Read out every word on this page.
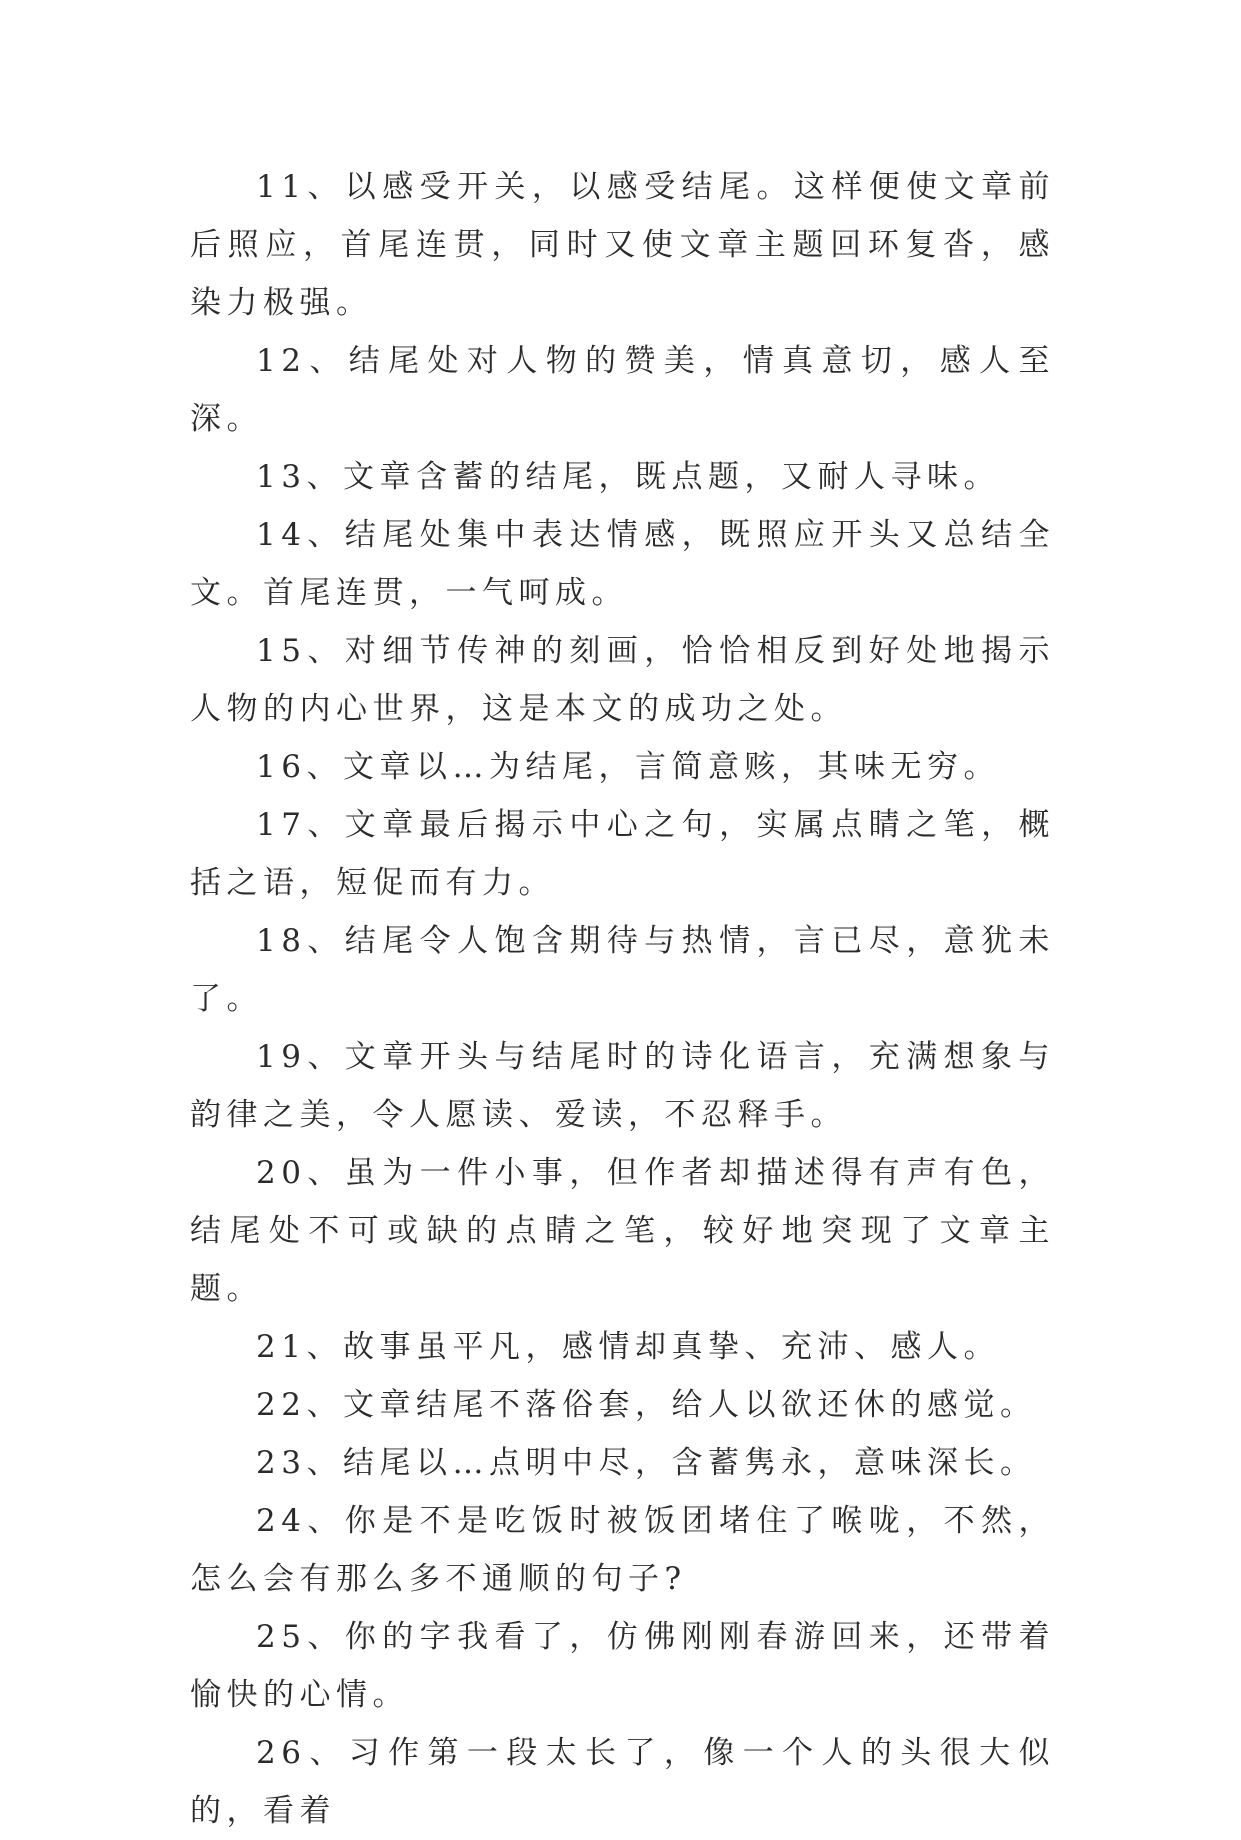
11、以感受开关，以感受结尾。这样便使文章前后照应，首尾连贯，同时又使文章主题回环复沓，感染力极强。

12、结尾处对人物的赞美，情真意切，感人至深。

13、文章含蓄的结尾，既点题，又耐人寻味。

14、结尾处集中表达情感，既照应开头又总结全文。首尾连贯，一气呵成。

15、对细节传神的刻画，恰恰相反到好处地揭示人物的内心世界，这是本文的成功之处。

16、文章以…为结尾，言简意赅，其味无穷。

17、文章最后揭示中心之句，实属点睛之笔，概括之语，短促而有力。

18、结尾令人饱含期待与热情，言已尽，意犹未了。

19、文章开头与结尾时的诗化语言，充满想象与韵律之美，令人愿读、爱读，不忍释手。

20、虽为一件小事，但作者却描述得有声有色，结尾处不可或缺的点睛之笔，较好地突现了文章主题。

21、故事虽平凡，感情却真挚、充沛、感人。

22、文章结尾不落俗套，给人以欲还休的感觉。

23、结尾以…点明中尽，含蓄隽永，意味深长。

24、你是不是吃饭时被饭团堵住了喉咙，不然，怎么会有那么多不通顺的句子?

25、你的字我看了，仿佛刚刚春游回来，还带着愉快的心情。

26、习作第一段太长了，像一个人的头很大似的，看着
